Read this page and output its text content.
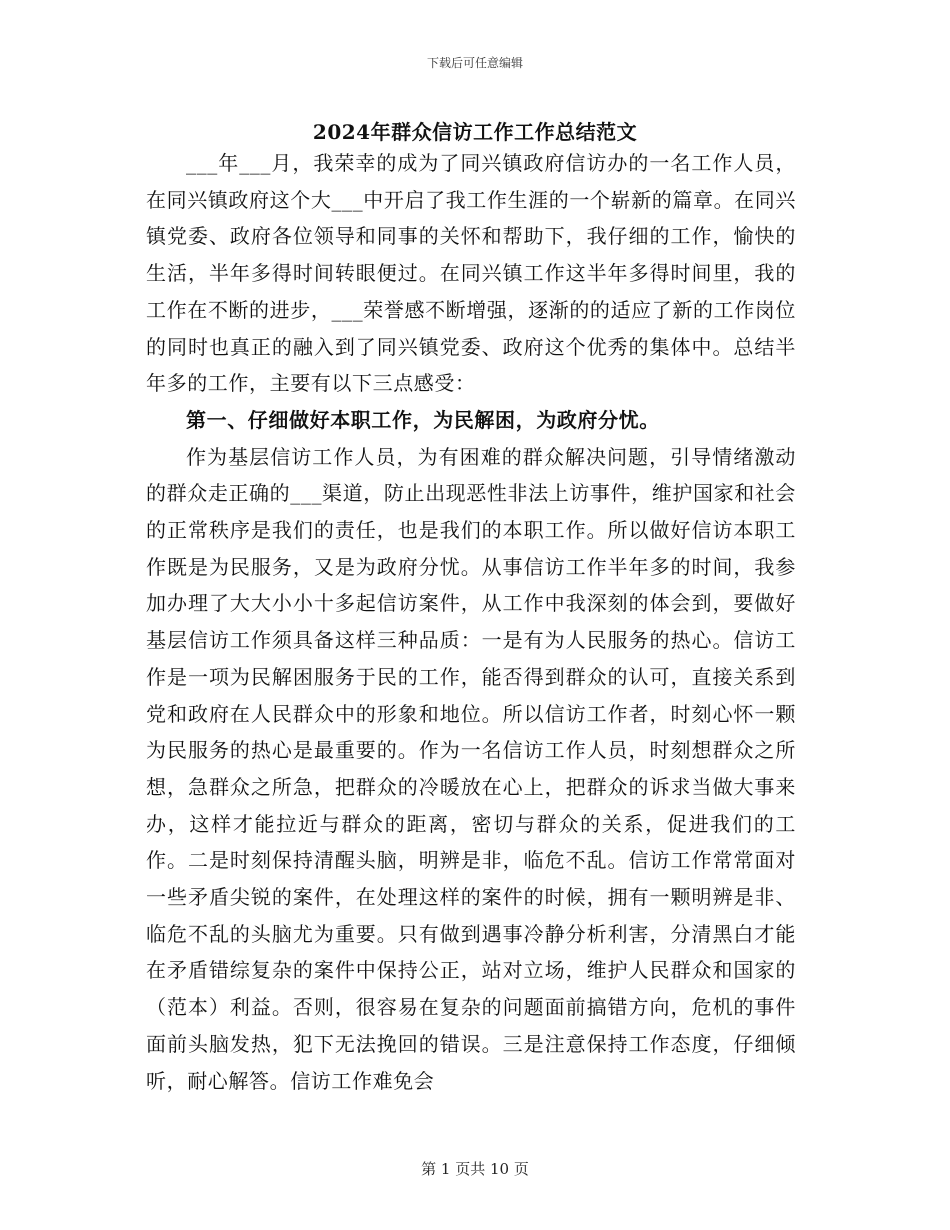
下载后可任意编辑
2024年群众信访工作工作总结范文

___年___月，我荣幸的成为了同兴镇政府信访办的一名工作人员，在同兴镇政府这个大___中开启了我工作生涯的一个崭新的篇章。在同兴镇党委、政府各位领导和同事的关怀和帮助下，我仔细的工作，愉快的生活，半年多得时间转眼便过。在同兴镇工作这半年多得时间里，我的工作在不断的进步，___荣誉感不断增强，逐渐的的适应了新的工作岗位的同时也真正的融入到了同兴镇党委、政府这个优秀的集体中。总结半年多的工作，主要有以下三点感受：

第一、仔细做好本职工作，为民解困，为政府分忧。

作为基层信访工作人员，为有困难的群众解决问题，引导情绪激动的群众走正确的___渠道，防止出现恶性非法上访事件，维护国家和社会的正常秩序是我们的责任，也是我们的本职工作。所以做好信访本职工作既是为民服务，又是为政府分忧。从事信访工作半年多的时间，我参加办理了大大小小十多起信访案件，从工作中我深刻的体会到，要做好基层信访工作须具备这样三种品质：一是有为人民服务的热心。信访工作是一项为民解困服务于民的工作，能否得到群众的认可，直接关系到党和政府在人民群众中的形象和地位。所以信访工作者，时刻心怀一颗为民服务的热心是最重要的。作为一名信访工作人员，时刻想群众之所想，急群众之所急，把群众的冷暖放在心上，把群众的诉求当做大事来办，这样才能拉近与群众的距离，密切与群众的关系，促进我们的工作。二是时刻保持清醒头脑，明辨是非，临危不乱。信访工作常常面对一些矛盾尖锐的案件，在处理这样的案件的时候，拥有一颗明辨是非、临危不乱的头脑尤为重要。只有做到遇事冷静分析利害，分清黑白才能在矛盾错综复杂的案件中保持公正，站对立场，维护人民群众和国家的（范本）利益。否则，很容易在复杂的问题面前搞错方向，危机的事件面前头脑发热，犯下无法挽回的错误。三是注意保持工作态度，仔细倾听，耐心解答。信访工作难免会

第 1 页共 10 页
